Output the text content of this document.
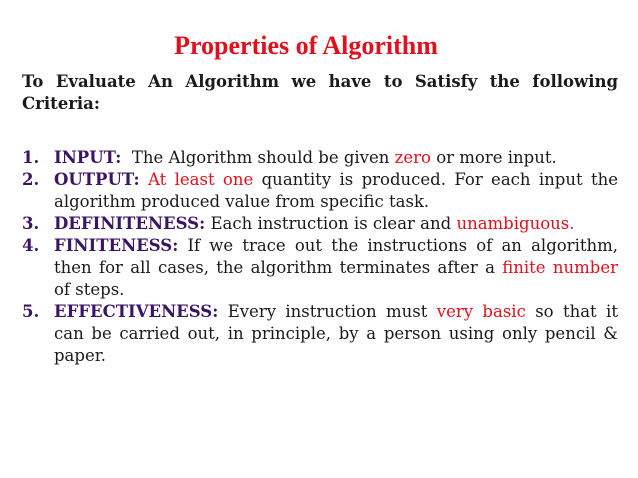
Properties of Algorithm

To Evaluate An Algorithm we have to Satisfy the following Criteria:

1. INPUT: The Algorithm should be given zero or more input.
2. OUTPUT: At least one quantity is produced. For each input the algorithm produced value from specific task.
3. DEFINITENESS: Each instruction is clear and unambiguous.
4. FINITENESS: If we trace out the instructions of an algorithm, then for all cases, the algorithm terminates after a finite number of steps.
5. EFFECTIVENESS: Every instruction must very basic so that it can be carried out, in principle, by a person using only pencil & paper.
